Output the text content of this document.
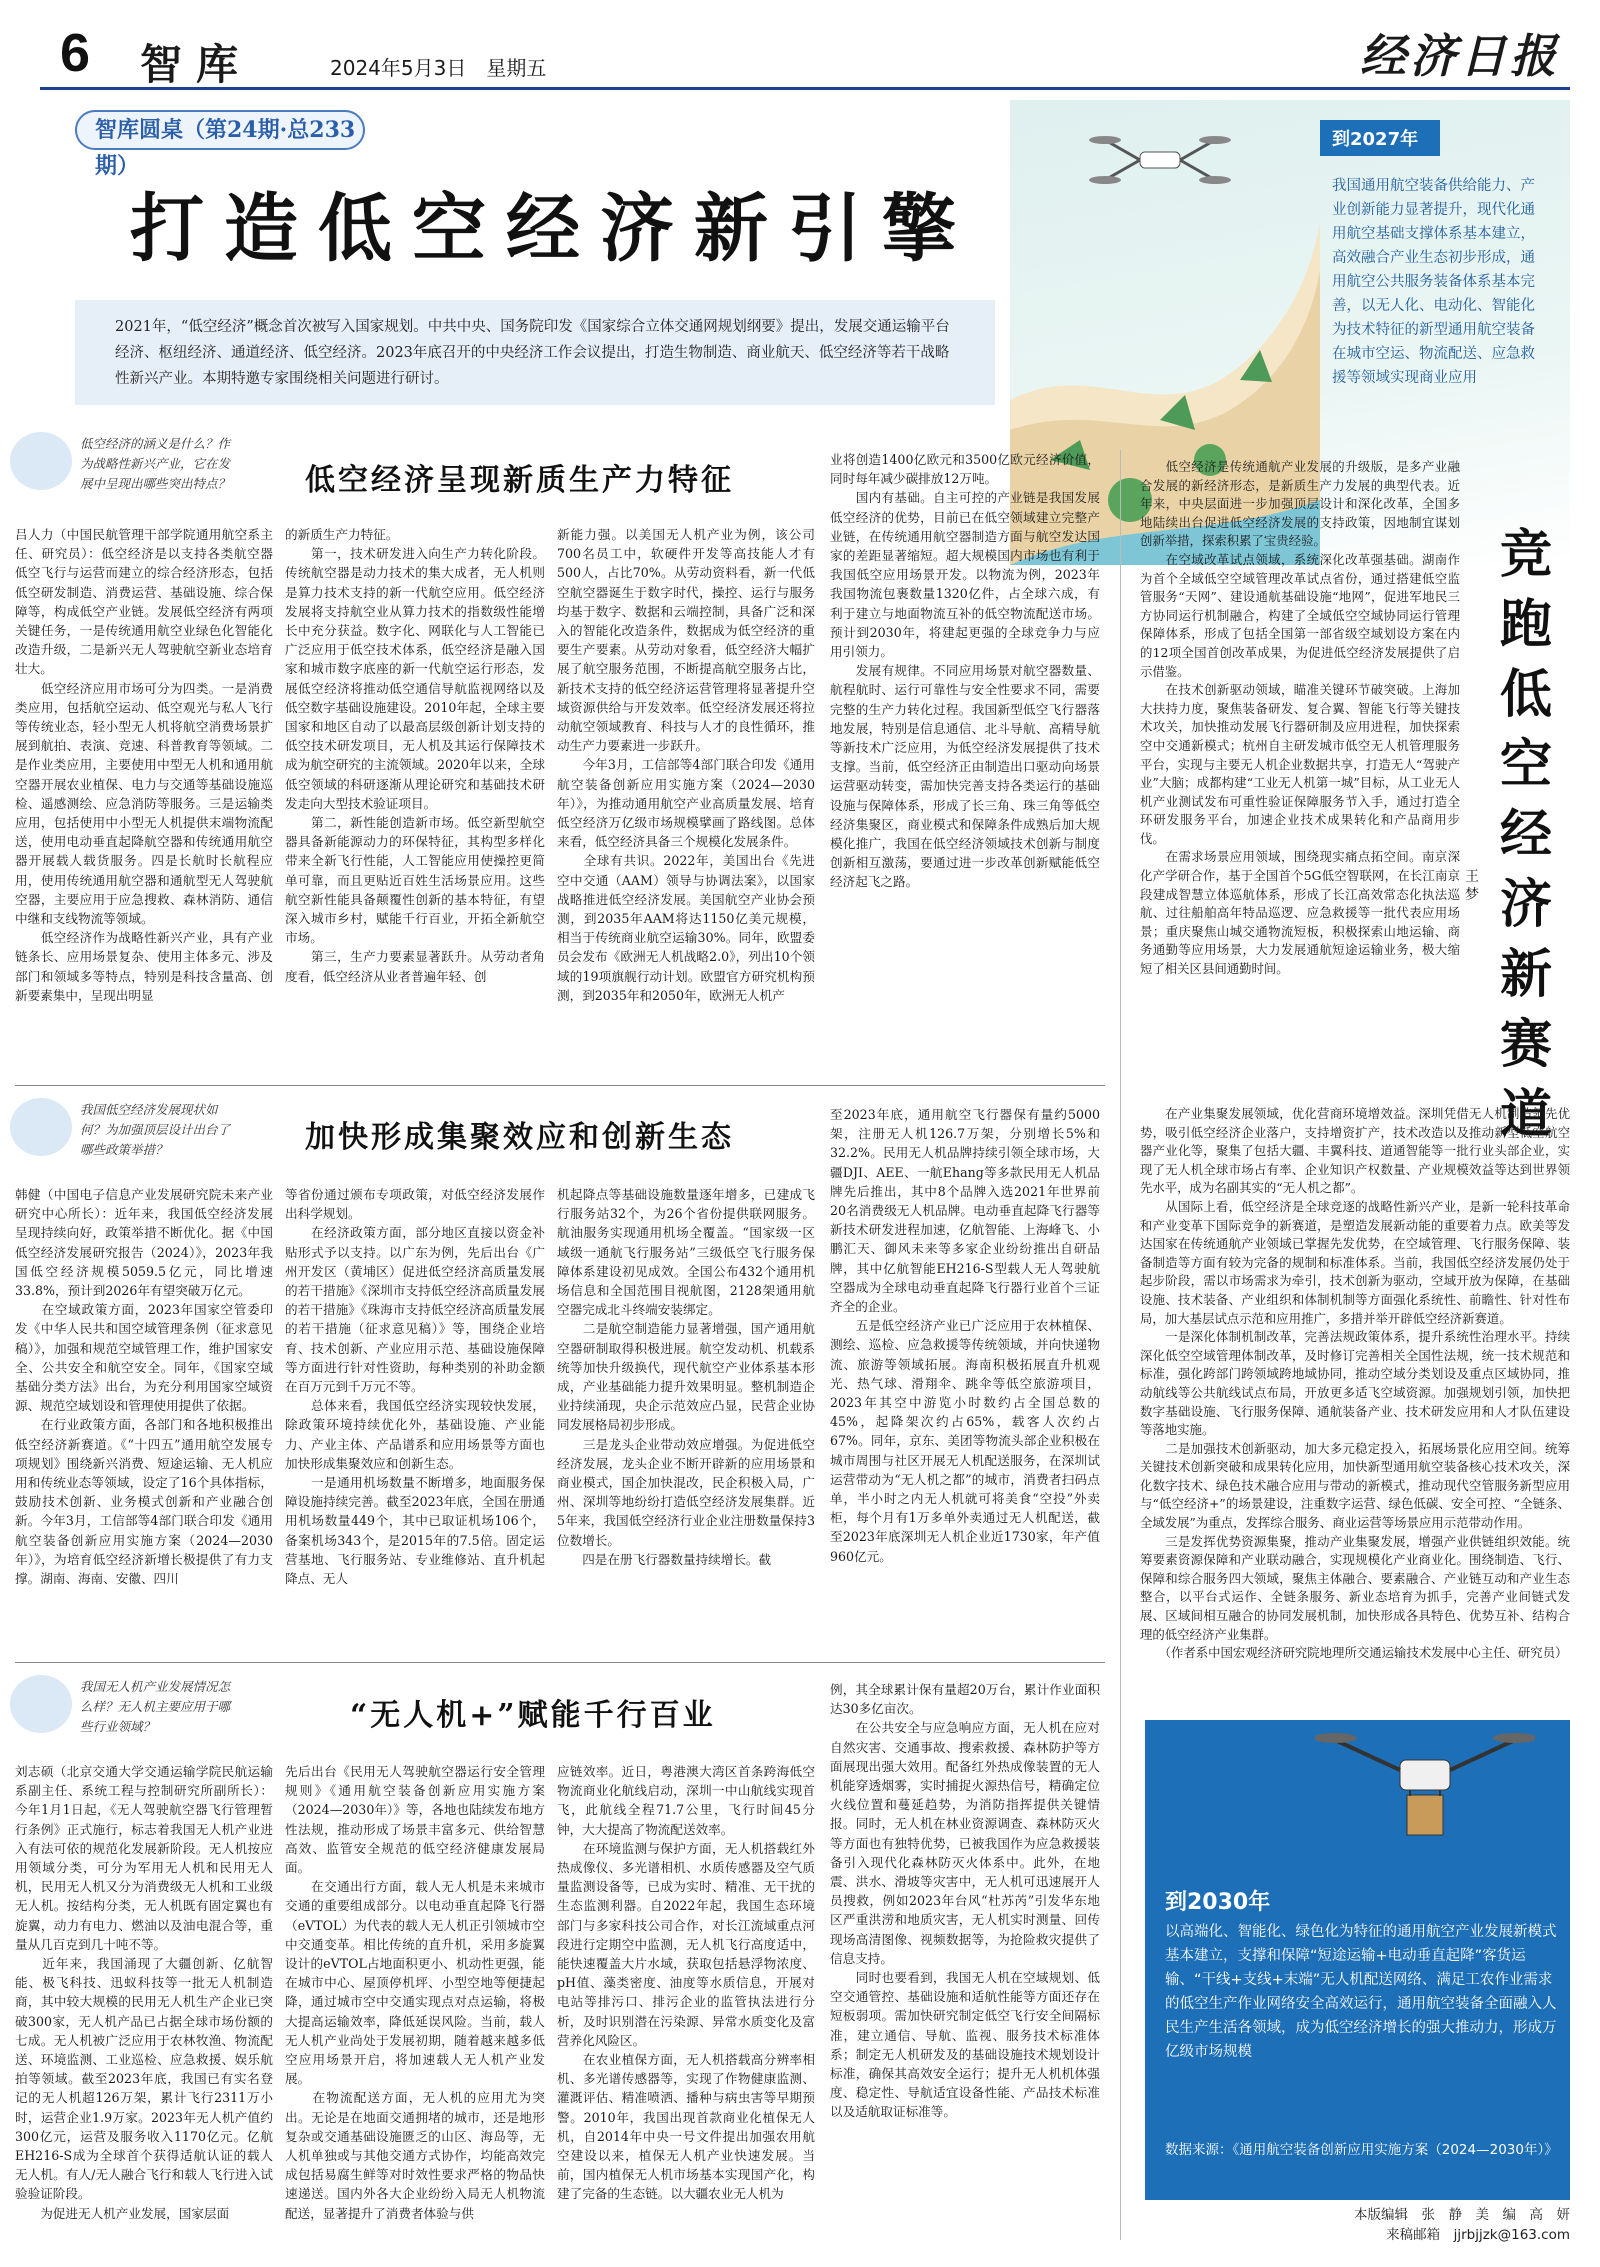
6 智库	2024年5月3日　星期五	经济日报
智库圆桌（第24期·总233期）
打造低空经济新引擎
2021年，“低空经济”概念首次被写入国家规划。中共中央、国务院印发《国家综合立体交通网规划纲要》提出，发展交通运输平台经济、枢纽经济、通道经济、低空经济。2023年底召开的中央经济工作会议提出，打造生物制造、商业航天、低空经济等若干战略性新兴产业。本期特邀专家围绕相关问题进行研讨。
到2027年
我国通用航空装备供给能力、产业创新能力显著提升，现代化通用航空基础支撑体系基本建立，高效融合产业生态初步形成，通用航空公共服务装备体系基本完善，以无人化、电动化、智能化为技术特征的新型通用航空装备在城市空运、物流配送、应急救援等领域实现商业应用
低空经济的涵义是什么？作为战略性新兴产业，它在发展中呈现出哪些突出特点？ 低空经济呈现新质生产力特征
吕人力（中国民航管理干部学院通用航空系主任、研究员）：低空经济是以支持各类航空器低空飞行与运营而建立的综合经济形态，包括低空研发制造、消费运营、基础设施、综合保障等，构成低空产业链。发展低空经济有两项关键任务，一是传统通用航空业绿色化智能化改造升级，二是新兴无人驾驶航空新业态培育壮大。
　　低空经济应用市场可分为四类。一是消费类应用，包括航空运动、低空观光与私人飞行等传统业态，轻小型无人机将航空消费场景扩展到航拍、表演、竞速、科普教育等领域。二是作业类应用，主要使用中型无人机和通用航空器开展农业植保、电力与交通等基础设施巡检、遥感测绘、应急消防等服务。三是运输类应用，包括使用中小型无人机提供末端物流配送，使用电动垂直起降航空器和传统通用航空器开展载人载货服务。四是长航时长航程应用，使用传统通用航空器和通航型无人驾驶航空器，主要应用于应急搜救、森林消防、通信中继和支线物流等领域。
　　低空经济作为战略性新兴产业，具有产业链条长、应用场景复杂、使用主体多元、涉及部门和领域多等特点，特别是科技含量高、创新要素集中，呈现出明显
的新质生产力特征。
　　第一，技术研发进入向生产力转化阶段。传统航空器是动力技术的集大成者，无人机则是算力技术支持的新一代航空应用。低空经济发展将支持航空业从算力技术的指数级性能增长中充分获益。数字化、网联化与人工智能已广泛应用于低空技术体系，低空经济是融入国家和城市数字底座的新一代航空运行形态，发展低空经济将推动低空通信导航监视网络以及低空数字基础设施建设。2010年起，全球主要国家和地区自动了以最高层级创新计划支持的低空技术研发项目，无人机及其运行保障技术成为航空研究的主流领域。2020年以来，全球低空领域的科研逐渐从理论研究和基础技术研发走向大型技术验证项目。
　　第二，新性能创造新市场。低空新型航空器具备新能源动力的环保特征，其构型多样化带来全新飞行性能，人工智能应用使操控更简单可靠，而且更贴近百姓生活场景应用。这些航空新性能具备颠覆性创新的基本特征，有望深入城市乡村，赋能千行百业，开拓全新航空市场。
　　第三，生产力要素显著跃升。从劳动者角度看，低空经济从业者普遍年轻、创
新能力强。以美国无人机产业为例，该公司700名员工中，软硬件开发等高技能人才有500人，占比70%。从劳动资料看，新一代低空航空器诞生于数字时代，操控、运行与服务均基于数字、数据和云端控制，具备广泛和深入的智能化改造条件，数据成为低空经济的重要生产要素。从劳动对象看，低空经济大幅扩展了航空服务范围，不断提高航空服务占比，新技术支持的低空经济运营管理将显著提升空域资源供给与开发效率。低空经济发展还将拉动航空领域教育、科技与人才的良性循环，推动生产力要素进一步跃升。
　　今年3月，工信部等4部门联合印发《通用航空装备创新应用实施方案（2024—2030年）》，为推动通用航空产业高质量发展、培育低空经济万亿级市场规模擘画了路线图。总体来看，低空经济具备三个规模化发展条件。
　　全球有共识。2022年，美国出台《先进空中交通（AAM）领导与协调法案》，以国家战略推进低空经济发展。美国航空产业协会预测，到2035年AAM将达1150亿美元规模，相当于传统商业航空运输30%。同年，欧盟委员会发布《欧洲无人机战略2.0》，列出10个领域的19项旗舰行动计划。欧盟官方研究机构预测，到2035年和2050年，欧洲无人机产
业将创造1400亿欧元和3500亿欧元经济价值，同时每年减少碳排放12万吨。
　　国内有基础。自主可控的产业链是我国发展低空经济的优势，目前已在低空领域建立完整产业链，在传统通用航空器制造方面与航空发达国家的差距显著缩短。超大规模国内市场也有利于我国低空应用场景开发。以物流为例，2023年我国物流包裹数量1320亿件，占全球六成，有利于建立与地面物流互补的低空物流配送市场。预计到2030年，将建起更强的全球竞争力与应用引领力。
　　发展有规律。不同应用场景对航空器数量、航程航时、运行可靠性与安全性要求不同，需要完整的生产力转化过程。我国新型低空飞行器落地发展，特别是信息通信、北斗导航、高精导航等新技术广泛应用，为低空经济发展提供了技术支撑。当前，低空经济正由制造出口驱动向场景运营驱动转变，需加快完善支持各类运行的基础设施与保障体系，形成了长三角、珠三角等低空经济集聚区，商业模式和保障条件成熟后加大规模化推广，我国在低空经济领域技术创新与制度创新相互激荡，要通过进一步改革创新赋能低空经济起飞之路。
我国低空经济发展现状如何？为加强顶层设计出台了哪些政策举措？	加快形成集聚效应和创新生态
韩健（中国电子信息产业发展研究院未来产业研究中心所长）：近年来，我国低空经济发展呈现持续向好，政策举措不断优化。据《中国低空经济发展研究报告（2024）》，2023年我国低空经济规模5059.5亿元，同比增速33.8%，预计到2026年有望突破万亿元。
　　在空域政策方面，2023年国家空管委印发《中华人民共和国空域管理条例（征求意见稿）》，加强和规范空域管理工作，维护国家安全、公共安全和航空安全。同年，《国家空域基础分类方法》出台，为充分利用国家空域资源、规范空域划设和管理使用提供了依据。
　　在行业政策方面，各部门和各地积极推出低空经济新赛道。《“十四五”通用航空发展专项规划》围绕新兴消费、短途运输、无人机应用和传统业态等领域，设定了16个具体指标，鼓励技术创新、业务模式创新和产业融合创新。今年3月，工信部等4部门联合印发《通用航空装备创新应用实施方案（2024—2030年）》，为培育低空经济新增长极提供了有力支撑。湖南、海南、安徽、四川
等省份通过颁布专项政策，对低空经济发展作出科学规划。
　　在经济政策方面，部分地区直接以资金补贴形式予以支持。以广东为例，先后出台《广州开发区（黄埔区）促进低空经济高质量发展的若干措施》《深圳市支持低空经济高质量发展的若干措施》《珠海市支持低空经济高质量发展的若干措施（征求意见稿）》等，围绕企业培育、技术创新、产业应用示范、基础设施保障等方面进行针对性资助，每种类别的补助金额在百万元到千万元不等。
　　总体来看，我国低空经济实现较快发展，除政策环境持续优化外，基础设施、产业能力、产业主体、产品谱系和应用场景等方面也加快形成集聚效应和创新生态。
　　一是通用机场数量不断增多，地面服务保障设施持续完善。截至2023年底，全国在册通用机场数量449个，其中已取证机场106个，备案机场343个，是2015年的7.5倍。固定运营基地、飞行服务站、专业维修站、直升机起降点、无人
机起降点等基础设施数量逐年增多，已建成飞行服务站32个，为26个省份提供联网服务。航油服务实现通用机场全覆盖。“国家级一区域级一通航飞行服务站”三级低空飞行服务保障体系建设初见成效。全国公布432个通用机场信息和全国范围目视航图，2128架通用航空器完成北斗终端安装绑定。
　　二是航空制造能力显著增强，国产通用航空器研制取得积极进展。航空发动机、机载系统等加快升级换代，现代航空产业体系基本形成，产业基础能力提升效果明显。整机制造企业持续涌现，央企示范效应凸显，民营企业协同发展格局初步形成。
　　三是龙头企业带动效应增强。为促进低空经济发展，龙头企业不断开辟新的应用场景和商业模式，国企加快混改，民企积极入局，广州、深圳等地纷纷打造低空经济发展集群。近5年来，我国低空经济行业企业注册数量保持3位数增长。
　　四是在册飞行器数量持续增长。截
至2023年底，通用航空飞行器保有量约5000架，注册无人机126.7万架，分别增长5%和32.2%。民用无人机品牌持续引领全球市场，大疆DJI、AEE、一航Ehang等多款民用无人机品牌先后推出，其中8个品牌入选2021年世界前20名消费级无人机品牌。电动垂直起降飞行器等新技术研发进程加速，亿航智能、上海峰飞、小鹏汇天、御风未来等多家企业纷纷推出自研品牌，其中亿航智能EH216-S型载人无人驾驶航空器成为全球电动垂直起降飞行器行业首个三证齐全的企业。
　　五是低空经济产业已广泛应用于农林植保、测绘、巡检、应急救援等传统领域，并向快递物流、旅游等领域拓展。海南积极拓展直升机观光、热气球、滑翔伞、跳伞等低空旅游项目，2023年其空中游览小时数约占全国总数的45%，起降架次约占65%，载客人次约占67%。同年，京东、美团等物流头部企业积极在城市周围与社区开展无人机配送服务，在深圳试运营带动为“无人机之都”的城市，消费者扫码点单，半小时之内无人机就可将美食“空投”外卖柜，每个月有1万多单外卖通过无人机配送，截至2023年底深圳无人机企业近1730家，年产值960亿元。
我国无人机产业发展情况怎么样？无人机主要应用于哪些行业领域？	“无人机+”赋能千行百业
刘志硕（北京交通大学交通运输学院民航运输系副主任、系统工程与控制研究所副所长）：今年1月1日起，《无人驾驶航空器飞行管理暂行条例》正式施行，标志着我国无人机产业进入有法可依的规范化发展新阶段。无人机按应用领域分类，可分为军用无人机和民用无人机，民用无人机又分为消费级无人机和工业级无人机。按结构分类，无人机既有固定翼也有旋翼，动力有电力、燃油以及油电混合等，重量从几百克到几十吨不等。
　　近年来，我国涌现了大疆创新、亿航智能、极飞科技、迅蚁科技等一批无人机制造商，其中较大规模的民用无人机生产企业已突破300家，无人机产品已占据全球市场份额的七成。无人机被广泛应用于农林牧渔、物流配送、环境监测、工业巡检、应急救援、娱乐航拍等领域。截至2023年底，我国已有实名登记的无人机超126万架，累计飞行2311万小时，运营企业1.9万家。2023年无人机产值约300亿元，运营及服务收入1170亿元。亿航EH216-S成为全球首个获得适航认证的载人无人机。有人/无人融合飞行和载人飞行进入试验验证阶段。
　　为促进无人机产业发展，国家层面
先后出台《民用无人驾驶航空器运行安全管理规则》《通用航空装备创新应用实施方案（2024—2030年）》等，各地也陆续发布地方性法规，推动形成了场景丰富多元、供给智慧高效、监管安全规范的低空经济健康发展局面。
　　在交通出行方面，载人无人机是未来城市交通的重要组成部分。以电动垂直起降飞行器（eVTOL）为代表的载人无人机正引领城市空中交通变革。相比传统的直升机，采用多旋翼设计的eVTOL占地面积更小、机动性更强，能在城市中心、屋顶停机坪、小型空地等便捷起降，通过城市空中交通实现点对点运输，将极大提高运输效率，降低延误风险。当前，载人无人机产业尚处于发展初期，随着越来越多低空应用场景开启，将加速载人无人机产业发展。
　　在物流配送方面，无人机的应用尤为突出。无论是在地面交通拥堵的城市，还是地形复杂或交通基础设施匮乏的山区、海岛等，无人机单独或与其他交通方式协作，均能高效完成包括易腐生鲜等对时效性要求严格的物品快速递送。国内外各大企业纷纷入局无人机物流配送，显著提升了消费者体验与供
应链效率。近日，粤港澳大湾区首条跨海低空物流商业化航线启动，深圳一中山航线实现首飞，此航线全程71.7公里，飞行时间45分钟，大大提高了物流配送效率。
　　在环境监测与保护方面，无人机搭载红外热成像仪、多光谱相机、水质传感器及空气质量监测设备等，已成为实时、精准、无干扰的生态监测利器。自2022年起，我国生态环境部门与多家科技公司合作，对长江流域重点河段进行定期空中监测，无人机飞行高度适中，能快速覆盖大片水域，获取包括悬浮物浓度、pH值、藻类密度、油度等水质信息，开展对电站等排污口、排污企业的监管执法进行分析，及时识别潜在污染源、异常水质变化及富营养化风险区。
　　在农业植保方面，无人机搭载高分辨率相机、多光谱传感器等，实现了作物健康监测、灌溉评估、精准喷洒、播种与病虫害等早期预警。2010年，我国出现首款商业化植保无人机，自2014年中央一号文件提出加强农用航空建设以来，植保无人机产业快速发展。当前，国内植保无人机市场基本实现国产化，构建了完备的生态链。以大疆农业无人机为
例，其全球累计保有量超20万台，累计作业面积达30多亿亩次。
　　在公共安全与应急响应方面，无人机在应对自然灾害、交通事故、搜索救援、森林防护等方面展现出强大效用。配备红外热成像装置的无人机能穿透烟雾，实时捕捉火源热信号，精确定位火线位置和蔓延趋势，为消防指挥提供关键情报。同时，无人机在林业资源调查、森林防灭火等方面也有独特优势，已被我国作为应急救援装备引入现代化森林防灭火体系中。此外，在地震、洪水、滑坡等灾害中，无人机可迅速展开人员搜救，例如2023年台风“杜苏芮”引发华东地区严重洪涝和地质灾害，无人机实时测量、回传现场高清图像、视频数据等，为抢险救灾提供了信息支持。
　　同时也要看到，我国无人机在空域规划、低空交通管控、基础设施和适航性能等方面还存在短板弱项。需加快研究制定低空飞行安全间隔标准，建立通信、导航、监视、服务技术标准体系；制定无人机研发及的基础设施技术规划设计标准，确保其高效安全运行；提升无人机机体强度、稳定性、导航适宜设备性能、产品技术标准以及适航取证标准等。
竞跑低空经济新赛道
王梦
　　低空经济是传统通航产业发展的升级版，是多产业融合发展的新经济形态，是新质生产力发展的典型代表。近年来，中央层面进一步加强顶层设计和深化改革，全国多地陆续出台促进低空经济发展的支持政策，因地制宜谋划创新举措，探索积累了宝贵经验。
　　在空域改革试点领域，系统深化改革强基础。湖南作为首个全域低空空域管理改革试点省份，通过搭建低空监管服务“天网”、建设通航基础设施“地网”，促进军地民三方协同运行机制融合，构建了全域低空空域协同运行管理保障体系，形成了包括全国第一部省级空域划设方案在内的12项全国首创改革成果，为促进低空经济发展提供了启示借鉴。
　　在技术创新驱动领域，瞄准关键环节破突破。上海加大扶持力度，聚焦装备研发、复合翼、智能飞行等关键技术攻关，加快推动发展飞行器研制及应用进程，加快探索空中交通新模式；杭州自主研发城市低空无人机管理服务平台，实现与主要无人机企业数据共享，打造无人“驾驶产业”大脑；成都构建“工业无人机第一城”目标，从工业无人机产业测试发布可重性验证保障服务节入手，通过打造全环研发服务平台，加速企业技术成果转化和产品商用步伐。
　　在需求场景应用领域，围绕现实痛点拓空间。南京深化产学研合作，基于全国首个5G低空智联网，在长江南京段建成智慧立体巡航体系，形成了长江高效常态化执法巡航、过往船舶高年特品巡逻、应急救援等一批代表应用场景；重庆聚焦山城交通物流短板，积极探索山地运输、商务通勤等应用场景，大力发展通航短途运输业务，极大缩短了相关区县间通勤时间。
　　在产业集聚发展领域，优化营商环境增效益。深圳凭借无人机制造领先优势，吸引低空经济企业落户，支持增资扩产，技术改造以及推动新型低空航空器产业化等，聚集了包括大疆、丰翼科技、道通智能等一批行业头部企业，实现了无人机全球市场占有率、企业知识产权数量、产业规模效益等达到世界领先水平，成为名副其实的“无人机之都”。
　　从国际上看，低空经济是全球竞逐的战略性新兴产业，是新一轮科技革命和产业变革下国际竞争的新赛道，是塑造发展新动能的重要着力点。欧美等发达国家在传统通航产业领域已掌握先发优势，在空域管理、飞行服务保障、装备制造等方面有较为完备的规制和标准体系。当前，我国低空经济发展仍处于起步阶段，需以市场需求为牵引，技术创新为驱动，空域开放为保障，在基础设施、技术装备、产业组织和体制机制等方面强化系统性、前瞻性、针对性布局，加大基层试点示范和应用推广，多措并举开辟低空经济新赛道。
　　一是深化体制机制改革，完善法规政策体系，提升系统性治理水平。持续深化低空空域管理体制改革，及时修订完善相关全国性法规，统一技术规范和标准，强化跨部门跨领域跨地域协同，推动空域分类划设及重点区域协同，推动航线等公共航线试点布局，开放更多适飞空域资源。加强规划引领，加快把数字基础设施、飞行服务保障、通航装备产业、技术研发应用和人才队伍建设等落地实施。
　　二是加强技术创新驱动，加大多元稳定投入，拓展场景化应用空间。统筹关键技术创新突破和成果转化应用，加快新型通用航空装备核心技术攻关，深化数字技术、绿色技术融合应用与带动的新模式，推动现代空管服务新型应用与“低空经济+”的场景建设，注重数字运营、绿色低碳、安全可控、“全链条、全域发展”为重点，发挥综合服务、商业运营等场景应用示范带动作用。
　　三是发挥优势资源集聚，推动产业集聚发展，增强产业供链组织效能。统筹要素资源保障和产业联动融合，实现规模化产业商业化。围绕制造、飞行、保障和综合服务四大领域，聚焦主体融合、要素融合、产业链互动和产业生态整合，以平台式运作、全链条服务、新业态培育为抓手，完善产业间链式发展、区域间相互融合的协同发展机制，加快形成各具特色、优势互补、结构合理的低空经济产业集群。
　　（作者系中国宏观经济研究院地理所交通运输技术发展中心主任、研究员）
到2030年
以高端化、智能化、绿色化为特征的通用航空产业发展新模式基本建立，支撑和保障“短途运输+电动垂直起降”客货运输、“干线+支线+末端”无人机配送网络、满足工农作业需求的低空生产作业网络安全高效运行，通用航空装备全面融入人民生产生活各领域，成为低空经济增长的强大推动力，形成万亿级市场规模
数据来源：《通用航空装备创新应用实施方案（2024—2030年）》
本版编辑　张　静　美　编　高　妍
来稿邮箱　jjrbjjzk@163.com
